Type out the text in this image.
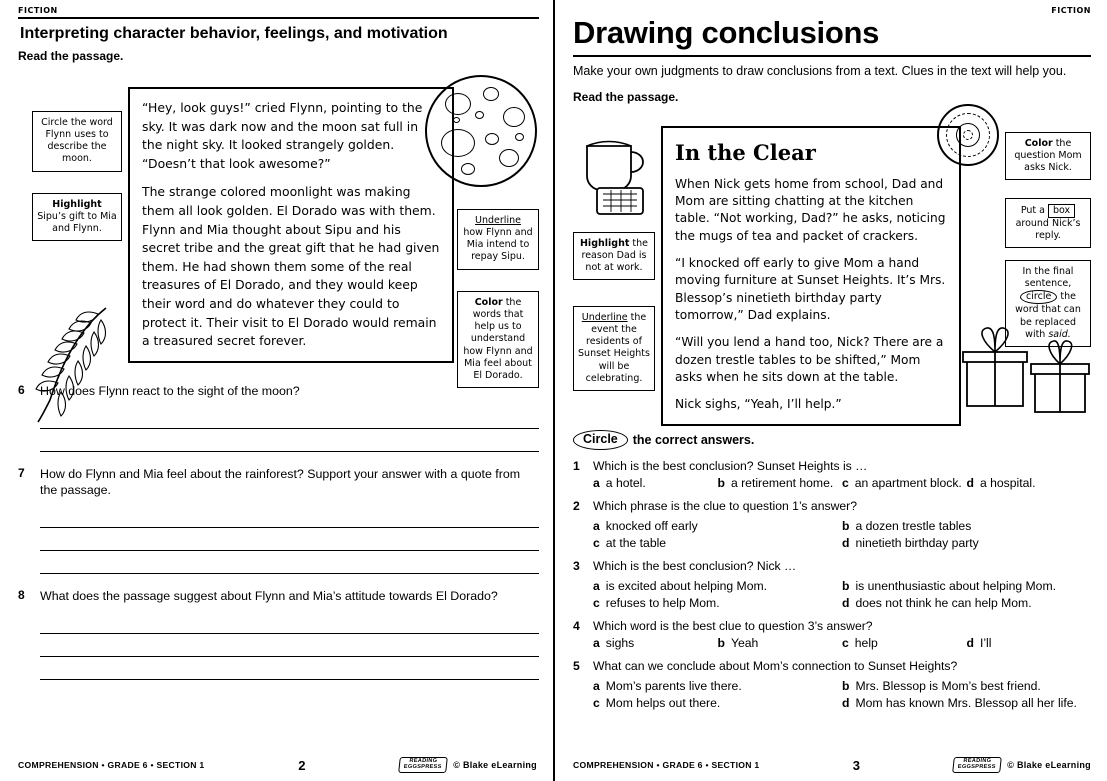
FICTION
Interpreting character behavior, feelings, and motivation
Read the passage.
Circle the word Flynn uses to describe the moon.
Highlight
Sipu’s gift to Mia and Flynn.
Underline
how Flynn and Mia intend to repay Sipu.
Color the words that help us to understand how Flynn and Mia feel about El Dorado.

“Hey, look guys!” cried Flynn, pointing to the sky. It was dark now and the moon sat full in the night sky. It looked strangely golden. “Doesn’t that look awesome?”

The strange colored moonlight was making them all look golden. El Dorado was with them. Flynn and Mia thought about Sipu and his secret tribe and the great gift that he had given them. He had shown them some of the real treasures of El Dorado, and they would keep their word and do whatever they could to protect it. Their visit to El Dorado would remain a treasured secret forever.

6	How does Flynn react to the sight of the moon?
7	How do Flynn and Mia feel about the rainforest? Support your answer with a quote from the passage.
8	What does the passage suggest about Flynn and Mia’s attitude towards El Dorado?
COMPREHENSION • GRADE 6 • SECTION 1	2	READING
EGGSPRESS	© Blake eLearning
FICTION
Drawing conclusions
Make your own judgments to draw conclusions from a text. Clues in the text will help you.
Read the passage.
Highlight the reason Dad is not at work.
Underline the event the residents of Sunset Heights will be celebrating.
Color the question Mom asks Nick.
Put a box
around Nick’s reply.
In the final sentence, circle the word that can be replaced with said.
In the Clear

When Nick gets home from school, Dad and Mom are sitting chatting at the kitchen table. “Not working, Dad?” he asks, noticing the mugs of tea and packet of crackers.

“I knocked off early to give Mom a hand moving furniture at Sunset Heights. It’s Mrs. Blessop’s ninetieth birthday party tomorrow,” Dad explains.

“Will you lend a hand too, Nick? There are a dozen trestle tables to be shifted,” Mom asks when he sits down at the table.

Nick sighs, “Yeah, I’ll help.”

Circle	the correct answers.
1	Which is the best conclusion? Sunset Heights is …
a a hotel.	b a retirement home. c an apartment block. d a hospital.
2	Which phrase is the clue to question 1’s answer?
a knocked off early	b a dozen trestle tables
c at the table	d ninetieth birthday party
3	Which is the best conclusion? Nick …
a is excited about helping Mom.	b is unenthusiastic about helping Mom.
c refuses to help Mom.	d does not think he can help Mom.
4	Which word is the best clue to question 3’s answer?
a sighs	b Yeah	c help	d I’ll
5	What can we conclude about Mom’s connection to Sunset Heights?
a Mom’s parents live there.	b Mrs. Blessop is Mom’s best friend.
c Mom helps out there.	d Mom has known Mrs. Blessop all her life.
COMPREHENSION • GRADE 6 • SECTION 1	3	READING
EGGSPRESS	© Blake eLearning
